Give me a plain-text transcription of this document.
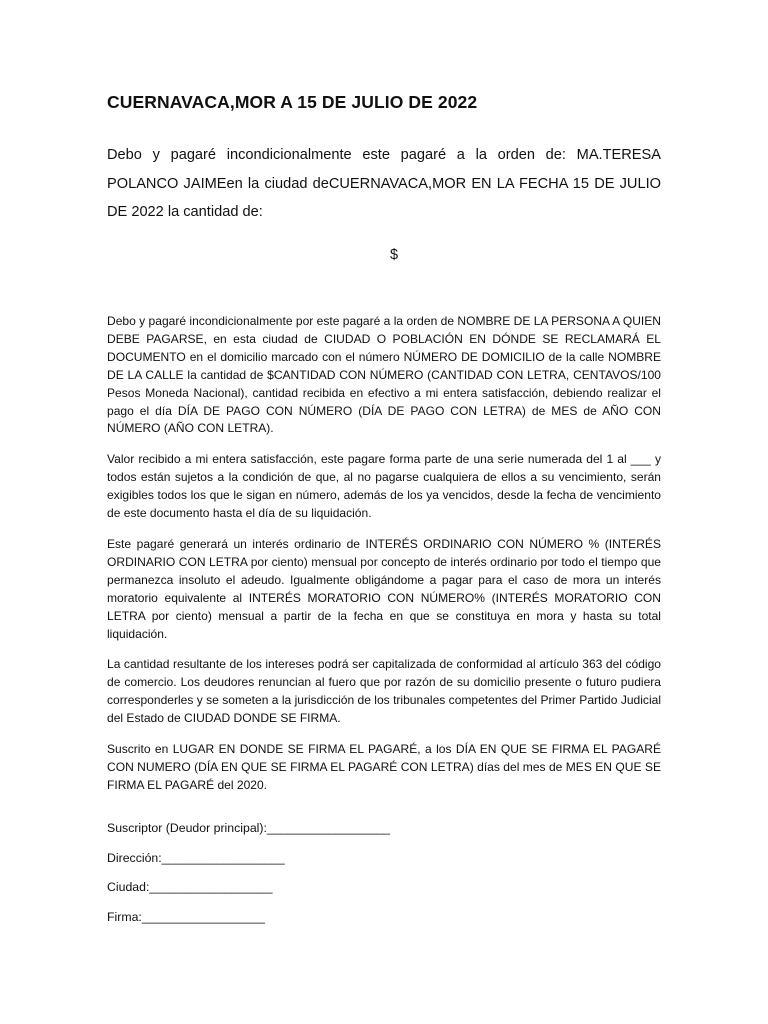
CUERNAVACA,MOR A 15 DE JULIO DE 2022
Debo y pagaré incondicionalmente este pagaré a la orden de: MA.TERESA POLANCO JAIMEen la ciudad deCUERNAVACA,MOR EN LA FECHA 15 DE JULIO DE 2022 la cantidad de:
$

Debo y pagaré incondicionalmente por este pagaré a la orden de NOMBRE DE LA PERSONA A QUIEN DEBE PAGARSE, en esta ciudad de CIUDAD O POBLACIÓN EN DÓNDE SE RECLAMARÁ EL DOCUMENTO en el domicilio marcado con el número NÚMERO DE DOMICILIO de la calle NOMBRE DE LA CALLE la cantidad de $CANTIDAD CON NÚMERO (CANTIDAD CON LETRA, CENTAVOS/100 Pesos Moneda Nacional), cantidad recibida en efectivo a mi entera satisfacción, debiendo realizar el pago el día DÍA DE PAGO CON NÚMERO (DÍA DE PAGO CON LETRA) de MES de AÑO CON NÚMERO (AÑO CON LETRA).

Valor recibido a mi entera satisfacción, este pagare forma parte de una serie numerada del 1 al ___ y todos están sujetos a la condición de que, al no pagarse cualquiera de ellos a su vencimiento, serán exigibles todos los que le sigan en número, además de los ya vencidos, desde la fecha de vencimiento de este documento hasta el día de su liquidación.

Este pagaré generará un interés ordinario de INTERÉS ORDINARIO CON NÚMERO % (INTERÉS ORDINARIO CON LETRA por ciento) mensual por concepto de interés ordinario por todo el tiempo que permanezca insoluto el adeudo. Igualmente obligándome a pagar para el caso de mora un interés moratorio equivalente al INTERÉS MORATORIO CON NÚMERO% (INTERÉS MORATORIO CON LETRA por ciento) mensual a partir de la fecha en que se constituya en mora y hasta su total liquidación.

La cantidad resultante de los intereses podrá ser capitalizada de conformidad al artículo 363 del código de comercio. Los deudores renuncian al fuero que por razón de su domicilio presente o futuro pudiera corresponderles y se someten a la jurisdicción de los tribunales competentes del Primer Partido Judicial del Estado de CIUDAD DONDE SE FIRMA.

Suscrito en LUGAR EN DONDE SE FIRMA EL PAGARÉ, a los DÍA EN QUE SE FIRMA EL PAGARÉ CON NUMERO (DÍA EN QUE SE FIRMA EL PAGARÉ CON LETRA) días del mes de MES EN QUE SE FIRMA EL PAGARÉ del 2020.

Suscriptor (Deudor principal):__________________
Dirección:__________________
Ciudad:__________________
Firma:__________________
